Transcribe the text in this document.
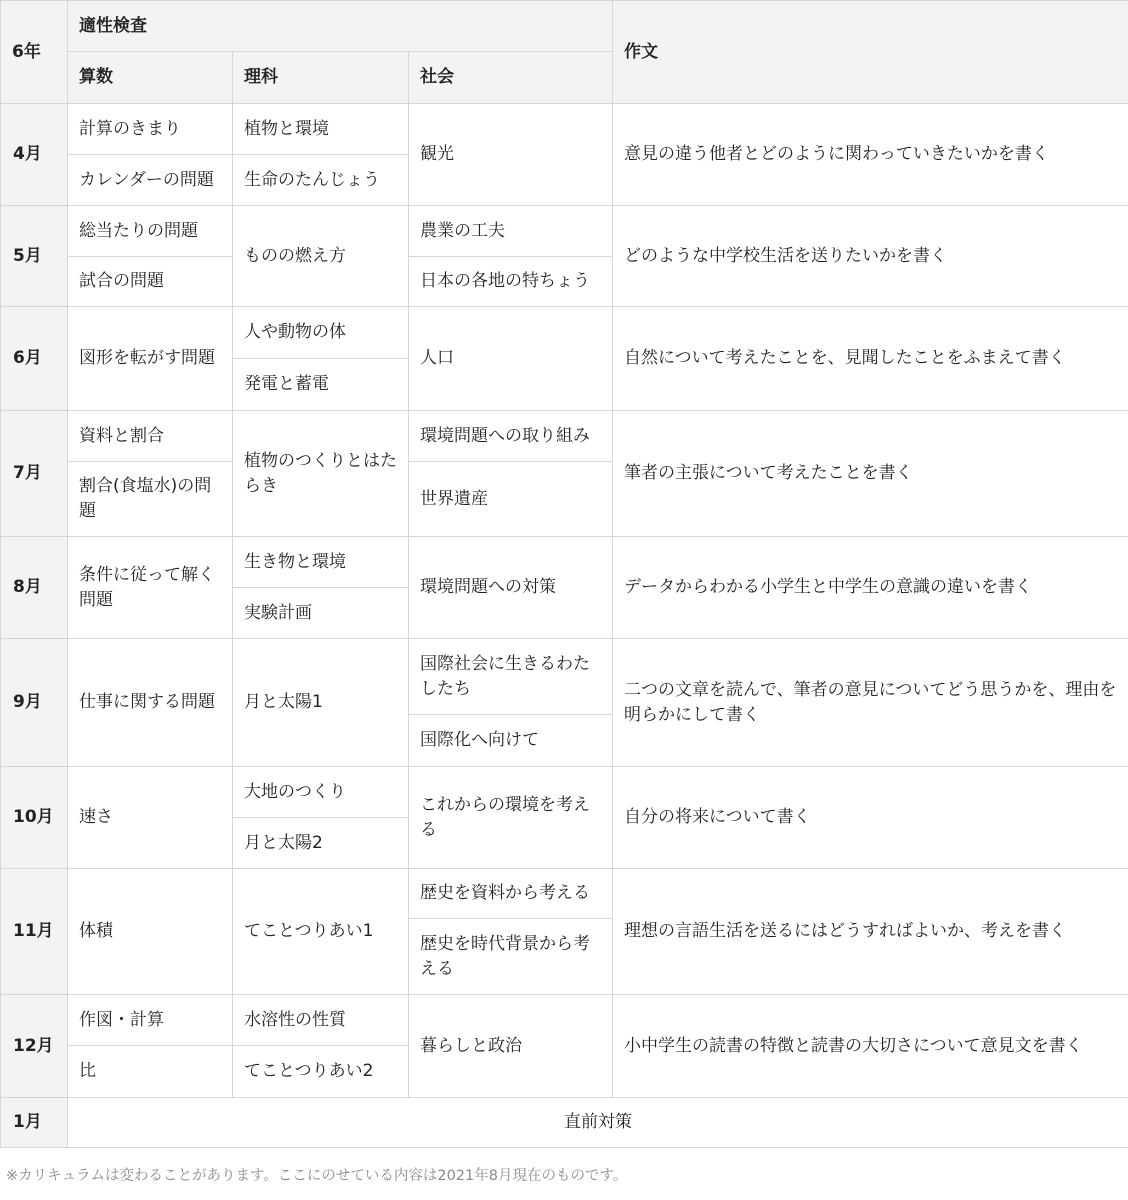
6年	適性検査			作文
	算数	理科	社会	
4月	計算のきまり	植物と環境	観光	意見の違う他者とどのように関わっていきたいかを書く
	カレンダーの問題	生命のたんじょう		
5月	総当たりの問題	ものの燃え方	農業の工夫	どのような中学校生活を送りたいかを書く
	試合の問題		日本の各地の特ちょう	
6月	図形を転がす問題	人や動物の体	人口	自然について考えたことを、見聞したことをふまえて書く
		発電と蓄電		
7月	資料と割合	植物のつくりとはたらき	環境問題への取り組み	筆者の主張について考えたことを書く
	割合(食塩水)の問題		世界遺産	
8月	条件に従って解く問題	生き物と環境	環境問題への対策	データからわかる小学生と中学生の意識の違いを書く
		実験計画		
9月	仕事に関する問題	月と太陽1	国際社会に生きるわたしたち	二つの文章を読んで、筆者の意見についてどう思うかを、理由を明らかにして書く
			国際化へ向けて	
10月	速さ	大地のつくり	これからの環境を考える	自分の将来について書く
		月と太陽2		
11月	体積	てことつりあい1	歴史を資料から考える	理想の言語生活を送るにはどうすればよいか、考えを書く
			歴史を時代背景から考える	
12月	作図・計算	水溶性の性質	暮らしと政治	小中学生の読書の特徴と読書の大切さについて意見文を書く
	比	てことつりあい2		
1月	直前対策			
※カリキュラムは変わることがあります。ここにのせている内容は2021年8月現在のものです。
